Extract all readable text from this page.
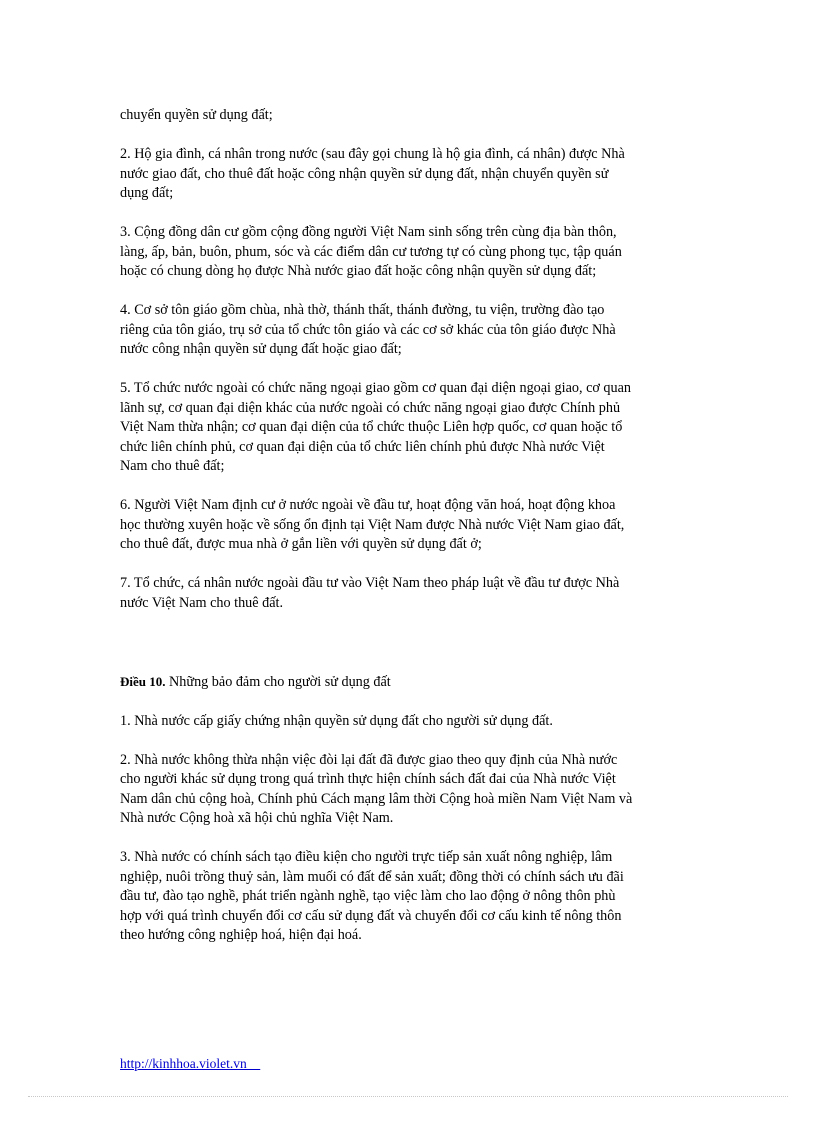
chuyển quyền sử dụng đất;

2. Hộ gia đình, cá nhân trong nước (sau đây gọi chung là hộ gia đình, cá nhân) được Nhà
nước giao đất, cho thuê đất hoặc công nhận quyền sử dụng đất, nhận chuyển quyền sử
dụng đất;

3. Cộng đồng dân cư gồm cộng đồng người Việt Nam sinh sống trên cùng địa bàn thôn,
làng, ấp, bản, buôn, phum, sóc và các điểm dân cư tương tự có cùng phong tục, tập quán
hoặc có chung dòng họ được Nhà nước giao đất hoặc công nhận quyền sử dụng đất;

4. Cơ sở tôn giáo gồm chùa, nhà thờ, thánh thất, thánh đường, tu viện, trường đào tạo
riêng của tôn giáo, trụ sở của tổ chức tôn giáo và các cơ sở khác của tôn giáo được Nhà
nước công nhận quyền sử dụng đất hoặc giao đất;

5. Tổ chức nước ngoài có chức năng ngoại giao gồm cơ quan đại diện ngoại giao, cơ quan
lãnh sự, cơ quan đại diện khác của nước ngoài có chức năng ngoại giao được Chính phủ
Việt Nam thừa nhận; cơ quan đại diện của tổ chức thuộc Liên hợp quốc, cơ quan hoặc tổ
chức liên chính phủ, cơ quan đại diện của tổ chức liên chính phủ được Nhà nước Việt
Nam cho thuê đất;

6. Người Việt Nam định cư ở nước ngoài về đầu tư, hoạt động văn hoá, hoạt động khoa
học thường xuyên hoặc về sống ổn định tại Việt Nam được Nhà nước Việt Nam giao đất,
cho thuê đất, được mua nhà ở gắn liền với quyền sử dụng đất ở;

7. Tổ chức, cá nhân nước ngoài đầu tư vào Việt Nam theo pháp luật về đầu tư được Nhà
nước Việt Nam cho thuê đất.

Điều 10. Những bảo đảm cho người sử dụng đất

1. Nhà nước cấp giấy chứng nhận quyền sử dụng đất cho người sử dụng đất.

2. Nhà nước không thừa nhận việc đòi lại đất đã được giao theo quy định của Nhà nước
cho người khác sử dụng trong quá trình thực hiện chính sách đất đai của Nhà nước Việt
Nam dân chủ cộng hoà, Chính phủ Cách mạng lâm thời Cộng hoà miền Nam Việt Nam và
Nhà nước Cộng hoà xã hội chủ nghĩa Việt Nam.

3. Nhà nước có chính sách tạo điều kiện cho người trực tiếp sản xuất nông nghiệp, lâm
nghiệp, nuôi trồng thuỷ sản, làm muối có đất để sản xuất; đồng thời có chính sách ưu đãi
đầu tư, đào tạo nghề, phát triển ngành nghề, tạo việc làm cho lao động ở nông thôn phù
hợp với quá trình chuyển đổi cơ cấu sử dụng đất và chuyển đổi cơ cấu kinh tế nông thôn
theo hướng công nghiệp hoá, hiện đại hoá.

http://kinhhoa.violet.vn
